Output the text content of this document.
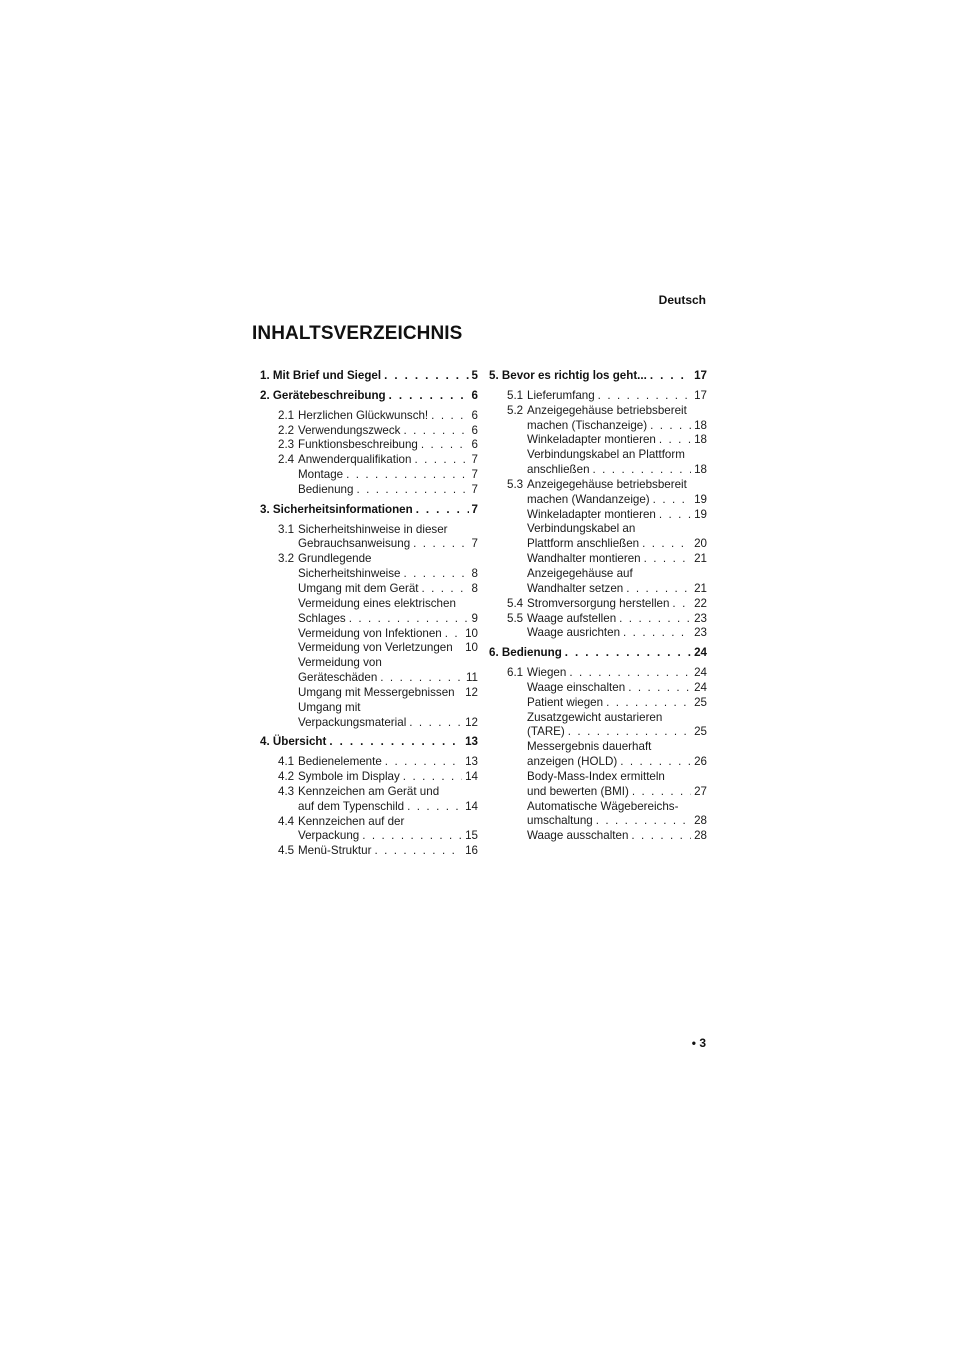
Deutsch
INHALTSVERZEICHNIS
1. Mit Brief und Siegel . . .	5
2. Gerätebeschreibung . . .	6
2.1 Herzlichen Glückwunsch! . . .	6
2.2 Verwendungszweck . . .	6
2.3 Funktionsbeschreibung . . .	6
2.4 Anwenderqualifikation . . .	7
Montage . . .	7
Bedienung . . .	7
3. Sicherheitsinformationen . . .	7
3.1 Sicherheitshinweise in dieser
Gebrauchsanweisung . . .	7
3.2 Grundlegende
Sicherheitshinweise . . .	8
Umgang mit dem Gerät . . .	8
Vermeidung eines elektrischen
Schlages . . .	9
Vermeidung von Infektionen . . . 10
Vermeidung von Verletzungen 10
Vermeidung von
Geräteschäden . . .	11
Umgang mit Messergebnissen 12
Umgang mit
Verpackungsmaterial . . .	12
4. Übersicht . . .	13
4.1 Bedienelemente . . .	13
4.2 Symbole im Display . . .	14
4.3 Kennzeichen am Gerät und
auf dem Typenschild . . .	14
4.4 Kennzeichen auf der
Verpackung . . .	15
4.5 Menü-Struktur . . .	16
5. Bevor es richtig los geht... . . .	17
5.1 Lieferumfang . . .	17
5.2 Anzeigegehäuse betriebsbereit
machen (Tischanzeige) . . .	18
Winkeladapter montieren . . .	18
Verbindungskabel an Plattform
anschließen . . .	18
5.3 Anzeigegehäuse betriebsbereit
machen (Wandanzeige) . . .	19
Winkeladapter montieren . . .	19
Verbindungskabel an
Plattform anschließen . . .	20
Wandhalter montieren . . .	21
Anzeigegehäuse auf
Wandhalter setzen . . .	21
5.4 Stromversorgung herstellen . . . 22
5.5 Waage aufstellen . . .	23
Waage ausrichten . . .	23
6. Bedienung . . .	24
6.1 Wiegen . . .	24
Waage einschalten . . .	24
Patient wiegen . . .	25
Zusatzgewicht austarieren
(TARE) . . .	25
Messergebnis dauerhaft
anzeigen (HOLD) . . .	26
Body-Mass-Index ermitteln
und bewerten (BMI) . . .	27
Automatische Wägebereichs-
umschaltung . . .	28
Waage ausschalten . . .	28
• 3
